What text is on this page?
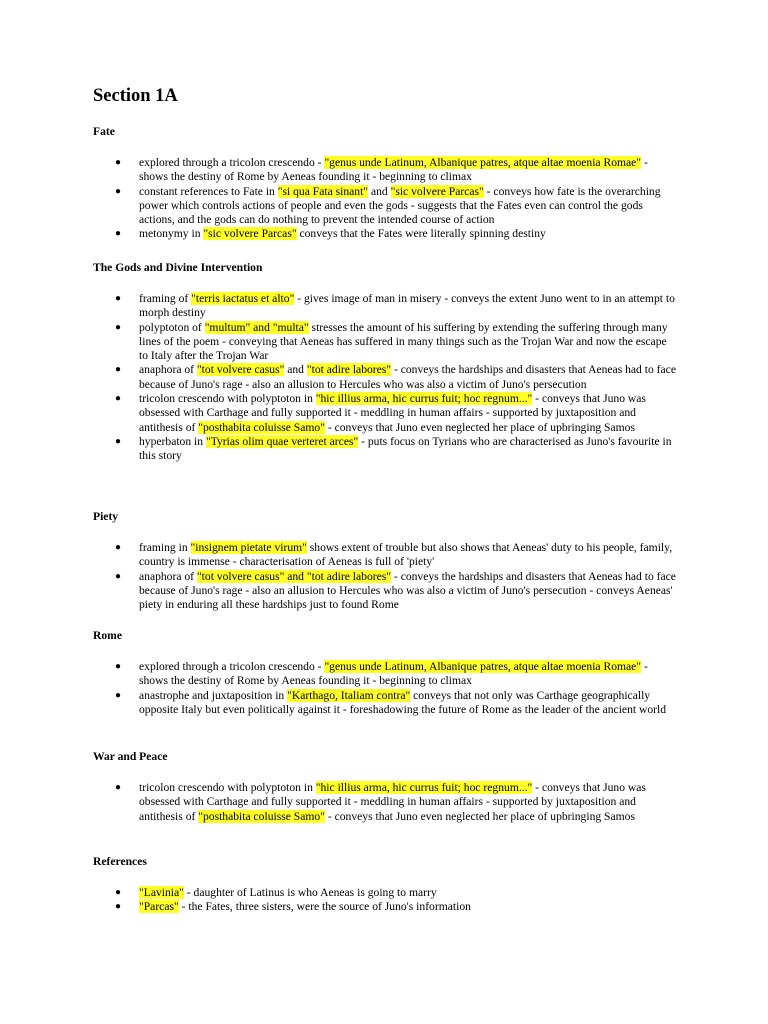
Section 1A
Fate
● explored through a tricolon crescendo - "genus unde Latinum, Albanique patres, atque altae moenia Romae" - shows the destiny of Rome by Aeneas founding it - beginning to climax
● constant references to Fate in "si qua Fata sinant" and "sic volvere Parcas" - conveys how fate is the overarching power which controls actions of people and even the gods - suggests that the Fates even can control the gods actions, and the gods can do nothing to prevent the intended course of action
● metonymy in "sic volvere Parcas" conveys that the Fates were literally spinning destiny
The Gods and Divine Intervention
● framing of "terris iactatus et alto" - gives image of man in misery - conveys the extent Juno went to in an attempt to morph destiny
● polyptoton of "multum" and "multa" stresses the amount of his suffering by extending the suffering through many lines of the poem - conveying that Aeneas has suffered in many things such as the Trojan War and now the escape to Italy after the Trojan War
● anaphora of "tot volvere casus" and "tot adire labores" - conveys the hardships and disasters that Aeneas had to face because of Juno's rage - also an allusion to Hercules who was also a victim of Juno's persecution
● tricolon crescendo with polyptoton in "hic illius arma, hic currus fuit; hoc regnum..." - conveys that Juno was obsessed with Carthage and fully supported it - meddling in human affairs - supported by juxtaposition and antithesis of "posthabita coluisse Samo" - conveys that Juno even neglected her place of upbringing Samos
● hyperbaton in "Tyrias olim quae verteret arces" - puts focus on Tyrians who are characterised as Juno's favourite in this story
Piety
● framing in "insignem pietate virum" shows extent of trouble but also shows that Aeneas' duty to his people, family, country is immense - characterisation of Aeneas is full of 'piety'
● anaphora of "tot volvere casus" and "tot adire labores" - conveys the hardships and disasters that Aeneas had to face because of Juno's rage - also an allusion to Hercules who was also a victim of Juno's persecution - conveys Aeneas' piety in enduring all these hardships just to found Rome
Rome
● explored through a tricolon crescendo - "genus unde Latinum, Albanique patres, atque altae moenia Romae" - shows the destiny of Rome by Aeneas founding it - beginning to climax
● anastrophe and juxtaposition in "Karthago, Italiam contra" conveys that not only was Carthage geographically opposite Italy but even politically against it - foreshadowing the future of Rome as the leader of the ancient world
War and Peace
● tricolon crescendo with polyptoton in "hic illius arma, hic currus fuit; hoc regnum..." - conveys that Juno was obsessed with Carthage and fully supported it - meddling in human affairs - supported by juxtaposition and antithesis of "posthabita coluisse Samo" - conveys that Juno even neglected her place of upbringing Samos
References
● "Lavinia" - daughter of Latinus is who Aeneas is going to marry
● "Parcas" - the Fates, three sisters, were the source of Juno's information
